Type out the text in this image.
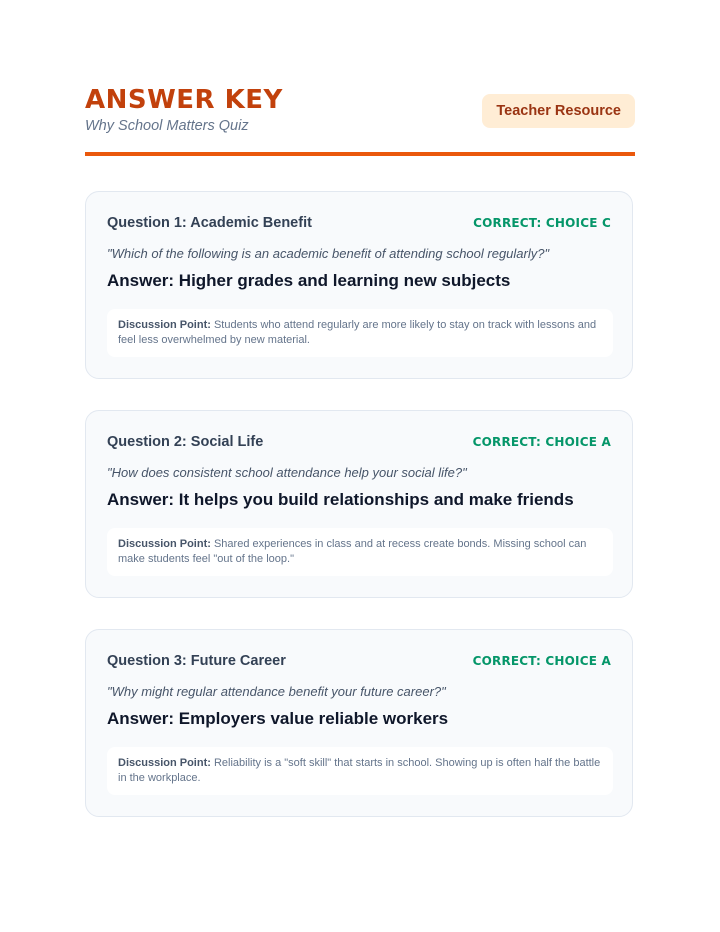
ANSWER KEY
Why School Matters Quiz
Teacher Resource
Question 1: Academic Benefit	CORRECT: CHOICE C
"Which of the following is an academic benefit of attending school regularly?"
Answer: Higher grades and learning new subjects
Discussion Point: Students who attend regularly are more likely to stay on track with lessons and feel less overwhelmed by new material.
Question 2: Social Life	CORRECT: CHOICE A
"How does consistent school attendance help your social life?"
Answer: It helps you build relationships and make friends
Discussion Point: Shared experiences in class and at recess create bonds. Missing school can make students feel "out of the loop."
Question 3: Future Career	CORRECT: CHOICE A
"Why might regular attendance benefit your future career?"
Answer: Employers value reliable workers
Discussion Point: Reliability is a "soft skill" that starts in school. Showing up is often half the battle in the workplace.
